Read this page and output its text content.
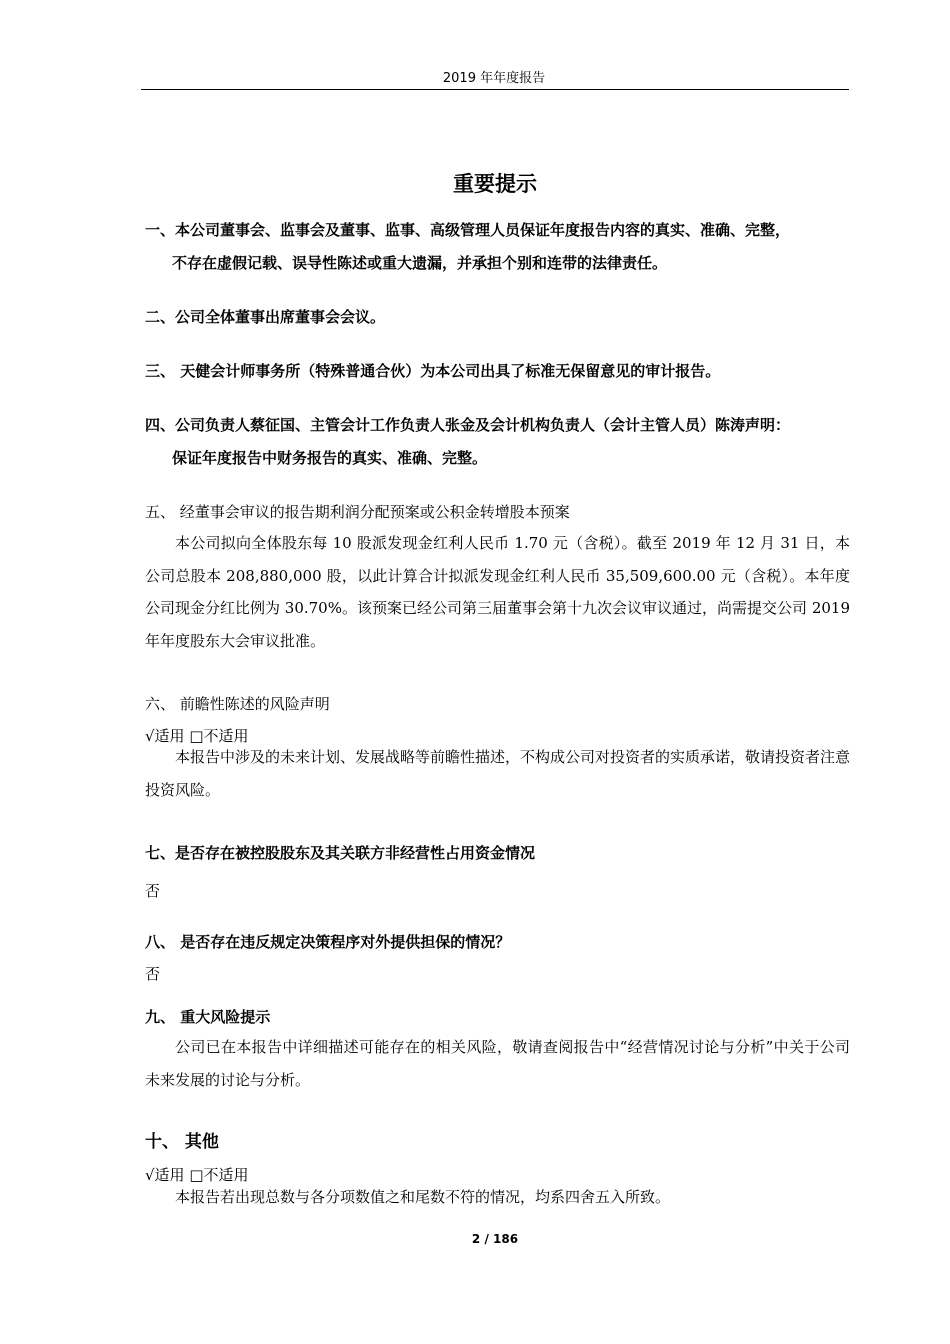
2019 年年度报告
重要提示
一、本公司董事会、监事会及董事、监事、高级管理人员保证年度报告内容的真实、准确、完整，
不存在虚假记载、误导性陈述或重大遗漏，并承担个别和连带的法律责任。
二、公司全体董事出席董事会会议。
三、 天健会计师事务所（特殊普通合伙）为本公司出具了标准无保留意见的审计报告。
四、公司负责人蔡征国、主管会计工作负责人张金及会计机构负责人（会计主管人员）陈涛声明：
保证年度报告中财务报告的真实、准确、完整。
五、 经董事会审议的报告期利润分配预案或公积金转增股本预案
本公司拟向全体股东每 10 股派发现金红利人民币 1.70 元（含税）。截至 2019 年 12 月 31 日，本公司总股本 208,880,000 股，以此计算合计拟派发现金红利人民币 35,509,600.00 元（含税）。本年度公司现金分红比例为 30.70%。该预案已经公司第三届董事会第十九次会议审议通过，尚需提交公司 2019 年年度股东大会审议批准。
六、 前瞻性陈述的风险声明
√适用 □不适用
本报告中涉及的未来计划、发展战略等前瞻性描述，不构成公司对投资者的实质承诺，敬请投资者注意投资风险。
七、是否存在被控股股东及其关联方非经营性占用资金情况
否
八、 是否存在违反规定决策程序对外提供担保的情况？
否
九、 重大风险提示
公司已在本报告中详细描述可能存在的相关风险，敬请查阅报告中“经营情况讨论与分析”中关于公司未来发展的讨论与分析。
十、 其他
√适用 □不适用
本报告若出现总数与各分项数值之和尾数不符的情况，均系四舍五入所致。
2 / 186
